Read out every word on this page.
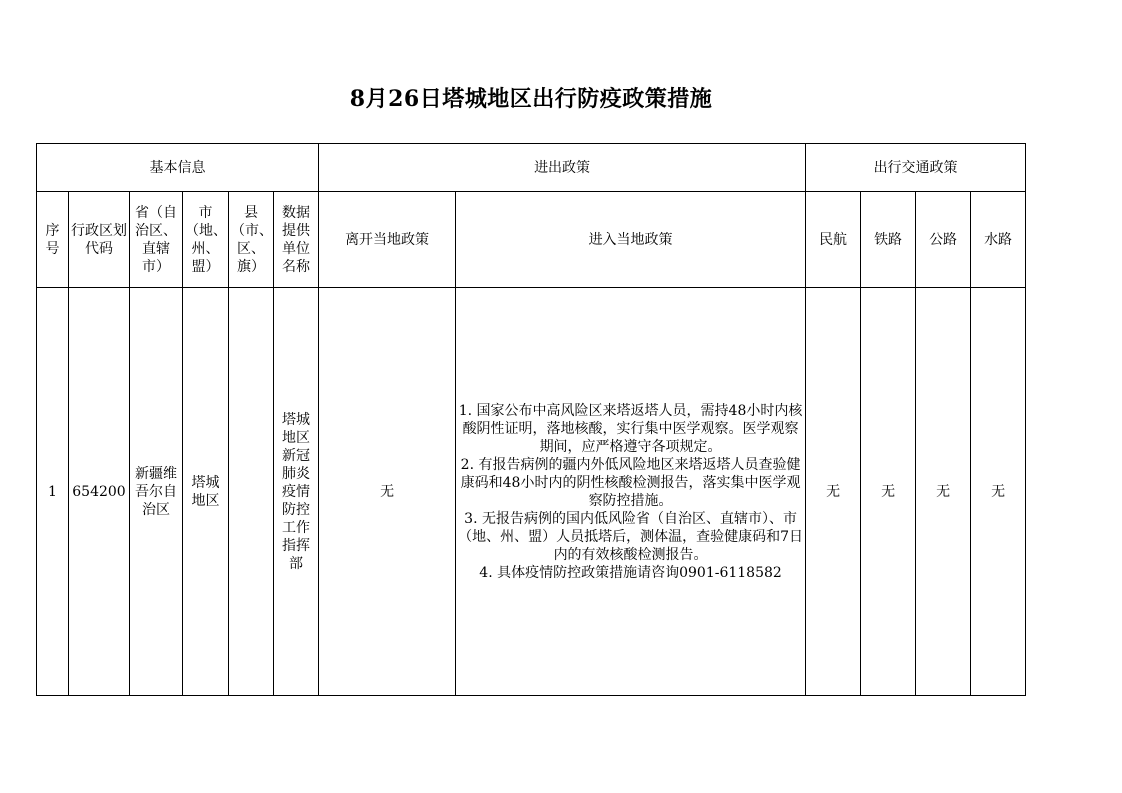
8月26日塔城地区出行防疫政策措施
基本信息						进出政策		出行交通政策			
序号	行政区划代码	省（自治区、直辖市）	市（地、州、盟）	县（市、区、旗）	数据提供单位名称	离开当地政策	进入当地政策	民航	铁路	公路	水路
1	654200	新疆维吾尔自治区	塔城地区		塔城地区新冠肺炎疫情防控工作指挥部	无	1. 国家公布中高风险区来塔返塔人员，需持48小时内核酸阴性证明，落地核酸，实行集中医学观察。医学观察期间，应严格遵守各项规定。
2. 有报告病例的疆内外低风险地区来塔返塔人员查验健康码和48小时内的阴性核酸检测报告，落实集中医学观察防控措施。
3. 无报告病例的国内低风险省（自治区、直辖市）、市（地、州、盟）人员抵塔后，测体温，查验健康码和7日内的有效核酸检测报告。
4. 具体疫情防控政策措施请咨询0901-6118582	无	无	无	无
